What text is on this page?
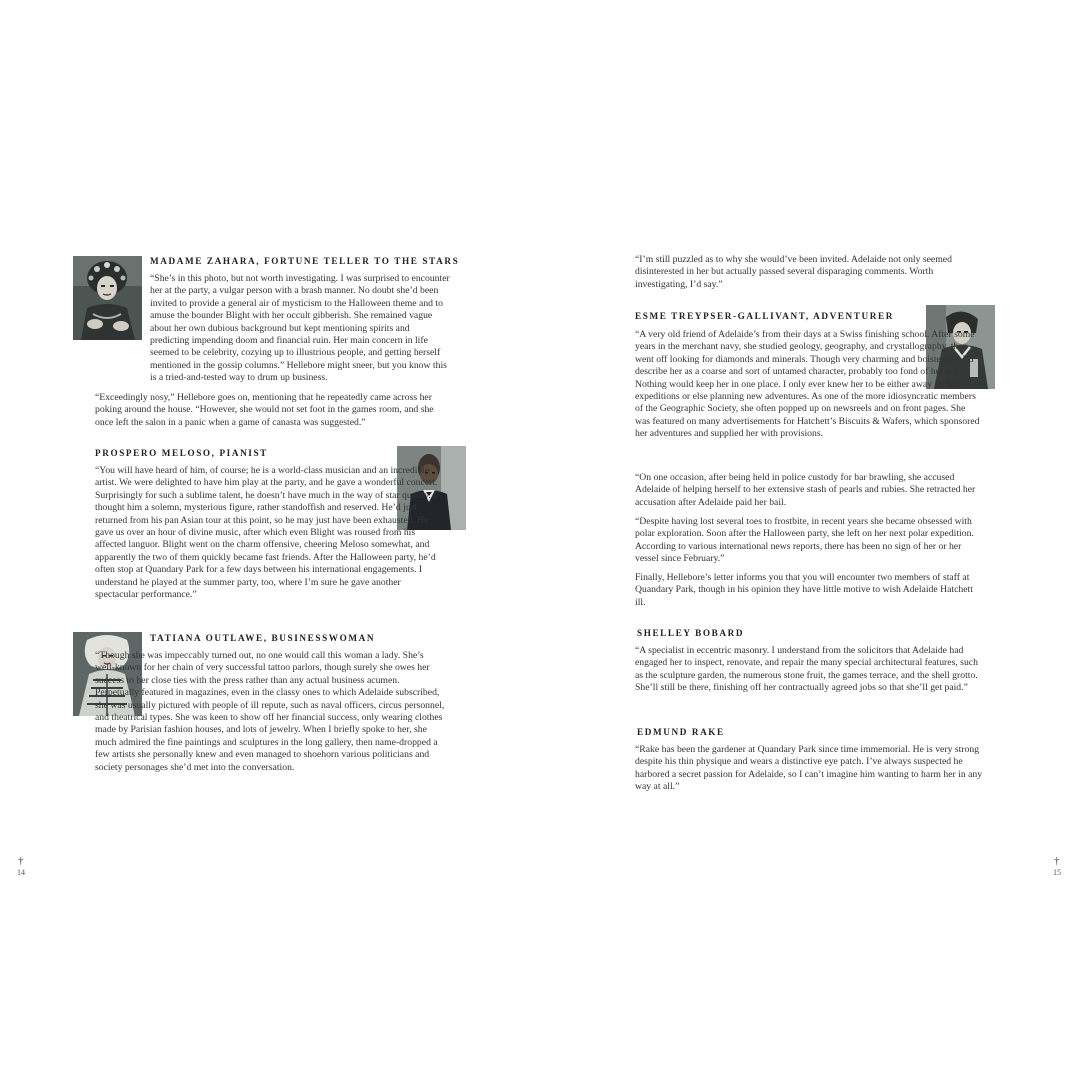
MADAME ZAHARA, FORTUNE TELLER TO THE STARS

“She’s in this photo, but not worth investigating. I was surprised to encounter her at the party, a vulgar person with a brash manner. No doubt she’d been invited to provide a general air of mysticism to the Halloween theme and to amuse the bounder Blight with her occult gibberish. She remained vague about her own dubious background but kept mentioning spirits and predicting impending doom and financial ruin. Her main concern in life seemed to be celebrity, cozying up to illustrious people, and getting herself mentioned in the gossip columns.” Hellebore might sneer, but you know this is a tried-and-tested way to drum up business.

“Exceedingly nosy,” Hellebore goes on, mentioning that he repeatedly came across her poking around the house. “However, she would not set foot in the games room, and she once left the salon in a panic when a game of canasta was suggested.”

PROSPERO MELOSO, PIANIST

“You will have heard of him, of course; he is a world-class musician and an incredible artist. We were delighted to have him play at the party, and he gave a wonderful concert. Surprisingly for such a sublime talent, he doesn’t have much in the way of star quality. I thought him a solemn, mysterious figure, rather standoffish and reserved. He’d just returned from his pan Asian tour at this point, so he may just have been exhausted. He gave us over an hour of divine music, after which even Blight was roused from his affected languor. Blight went on the charm offensive, cheering Meloso somewhat, and apparently the two of them quickly became fast friends. After the Halloween party, he’d often stop at Quandary Park for a few days between his international engagements. I understand he played at the summer party, too, where I’m sure he gave another spectacular performance.”

TATIANA OUTLAWE, BUSINESSWOMAN

“Though she was impeccably turned out, no one would call this woman a lady. She’s well-known for her chain of very successful tattoo parlors, though surely she owes her success to her close ties with the press rather than any actual business acumen. Perpetually featured in magazines, even in the classy ones to which Adelaide subscribed, she was usually pictured with people of ill repute, such as naval officers, circus personnel, and theatrical types. She was keen to show off her financial success, only wearing clothes made by Parisian fashion houses, and lots of jewelry. When I briefly spoke to her, she much admired the fine paintings and sculptures in the long gallery, then name-dropped a few artists she personally knew and even managed to shoehorn various politicians and society personages she’d met into the conversation.

†
14

“I’m still puzzled as to why she would’ve been invited. Adelaide not only seemed disinterested in her but actually passed several disparaging comments. Worth investigating, I’d say.”

ESME TREYPSER-GALLIVANT, ADVENTURER

“A very old friend of Adelaide’s from their days at a Swiss finishing school. After some years in the merchant navy, she studied geology, geography, and crystallography, then went off looking for diamonds and minerals. Though very charming and boisterous, I’d describe her as a coarse and sort of untamed character, probably too fond of her gin. Nothing would keep her in one place. I only ever knew her to be either away on her expeditions or else planning new adventures. As one of the more idiosyncratic members of the Geographic Society, she often popped up on newsreels and on front pages. She was featured on many advertisements for Hatchett’s Biscuits & Wafers, which sponsored her adventures and supplied her with provisions.

“On one occasion, after being held in police custody for bar brawling, she accused Adelaide of helping herself to her extensive stash of pearls and rubies. She retracted her accusation after Adelaide paid her bail.

“Despite having lost several toes to frostbite, in recent years she became obsessed with polar exploration. Soon after the Halloween party, she left on her next polar expedition. According to various international news reports, there has been no sign of her or her vessel since February.”

Finally, Hellebore’s letter informs you that you will encounter two members of staff at Quandary Park, though in his opinion they have little motive to wish Adelaide Hatchett ill.

SHELLEY BOBARD

“A specialist in eccentric masonry. I understand from the solicitors that Adelaide had engaged her to inspect, renovate, and repair the many special architectural features, such as the sculpture garden, the numerous stone fruit, the games terrace, and the shell grotto. She’ll still be there, finishing off her contractually agreed jobs so that she’ll get paid.”

EDMUND RAKE

“Rake has been the gardener at Quandary Park since time immemorial. He is very strong despite his thin physique and wears a distinctive eye patch. I’ve always suspected he harbored a secret passion for Adelaide, so I can’t imagine him wanting to harm her in any way at all.”

†
15
